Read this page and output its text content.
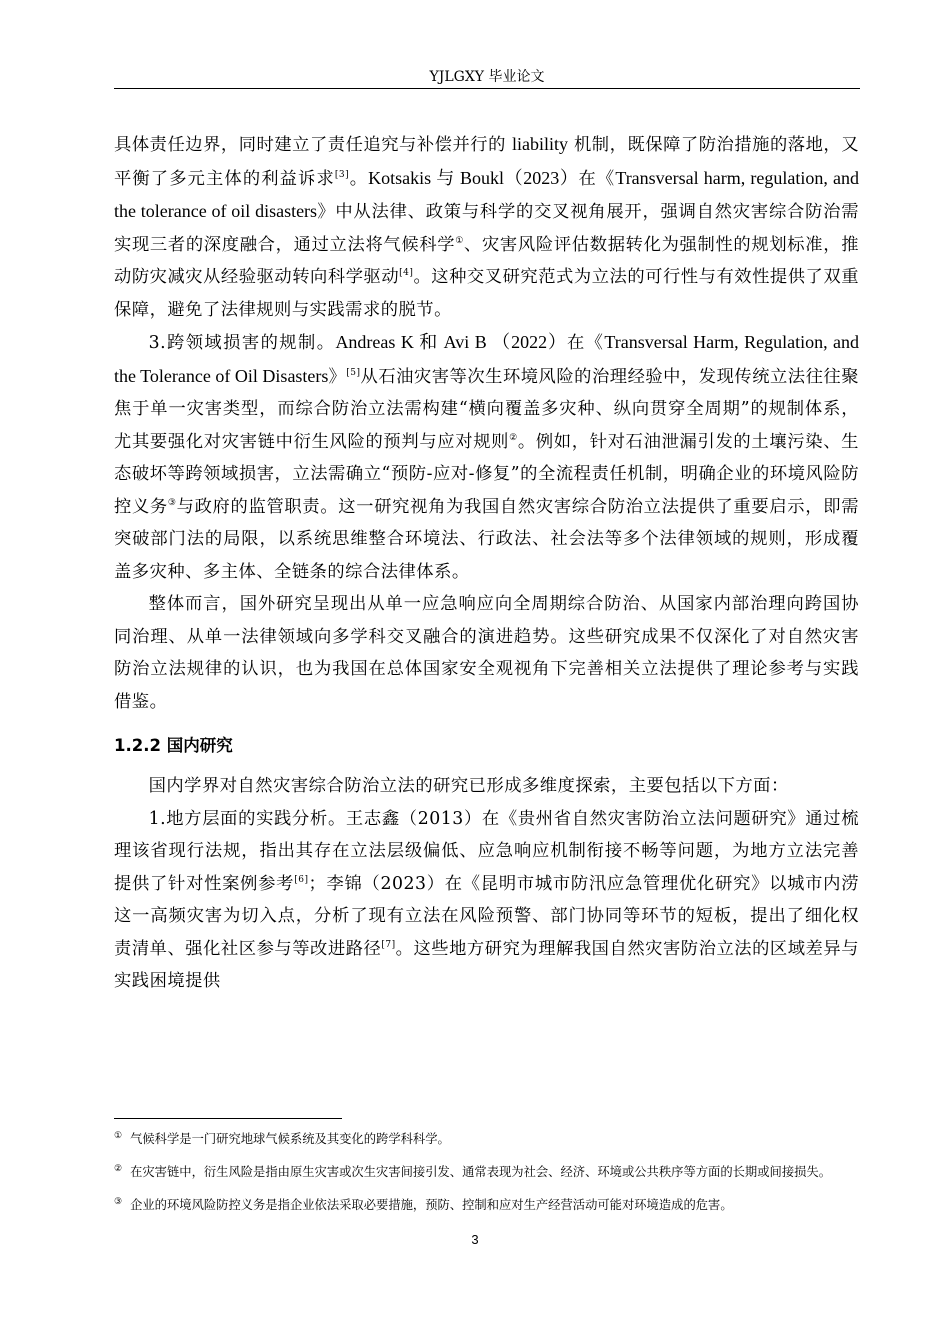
YJLGXY 毕业论文

具体责任边界，同时建立了责任追究与补偿并行的 liability 机制，既保障了防治措施的落地，又平衡了多元主体的利益诉求[3]。Kotsakis 与 Boukl（2023）在《Transversal harm, regulation, and the tolerance of oil disasters》中从法律、政策与科学的交叉视角展开，强调自然灾害综合防治需实现三者的深度融合，通过立法将气候科学①、灾害风险评估数据转化为强制性的规划标准，推动防灾减灾从经验驱动转向科学驱动[4]。这种交叉研究范式为立法的可行性与有效性提供了双重保障，避免了法律规则与实践需求的脱节。

3.跨领域损害的规制。Andreas K 和 Avi B （2022）在《Transversal Harm, Regulation, and the Tolerance of Oil Disasters》[5]从石油灾害等次生环境风险的治理经验中，发现传统立法往往聚焦于单一灾害类型，而综合防治立法需构建“横向覆盖多灾种、纵向贯穿全周期”的规制体系，尤其要强化对灾害链中衍生风险的预判与应对规则②。例如，针对石油泄漏引发的土壤污染、生态破坏等跨领域损害，立法需确立“预防-应对-修复”的全流程责任机制，明确企业的环境风险防控义务③与政府的监管职责。这一研究视角为我国自然灾害综合防治立法提供了重要启示，即需突破部门法的局限，以系统思维整合环境法、行政法、社会法等多个法律领域的规则，形成覆盖多灾种、多主体、全链条的综合法律体系。

整体而言，国外研究呈现出从单一应急响应向全周期综合防治、从国家内部治理向跨国协同治理、从单一法律领域向多学科交叉融合的演进趋势。这些研究成果不仅深化了对自然灾害防治立法规律的认识，也为我国在总体国家安全观视角下完善相关立法提供了理论参考与实践借鉴。

1.2.2 国内研究

国内学界对自然灾害综合防治立法的研究已形成多维度探索，主要包括以下方面：

1.地方层面的实践分析。王志鑫（2013）在《贵州省自然灾害防治立法问题研究》通过梳理该省现行法规，指出其存在立法层级偏低、应急响应机制衔接不畅等问题，为地方立法完善提供了针对性案例参考[6]；李锦（2023）在《昆明市城市防汛应急管理优化研究》以城市内涝这一高频灾害为切入点，分析了现有立法在风险预警、部门协同等环节的短板，提出了细化权责清单、强化社区参与等改进路径[7]。这些地方研究为理解我国自然灾害防治立法的区域差异与实践困境提供

① 气候科学是一门研究地球气候系统及其变化的跨学科科学。

② 在灾害链中，衍生风险是指由原生灾害或次生灾害间接引发、通常表现为社会、经济、环境或公共秩序等方面的长期或间接损失。

③ 企业的环境风险防控义务是指企业依法采取必要措施，预防、控制和应对生产经营活动可能对环境造成的危害。

3
